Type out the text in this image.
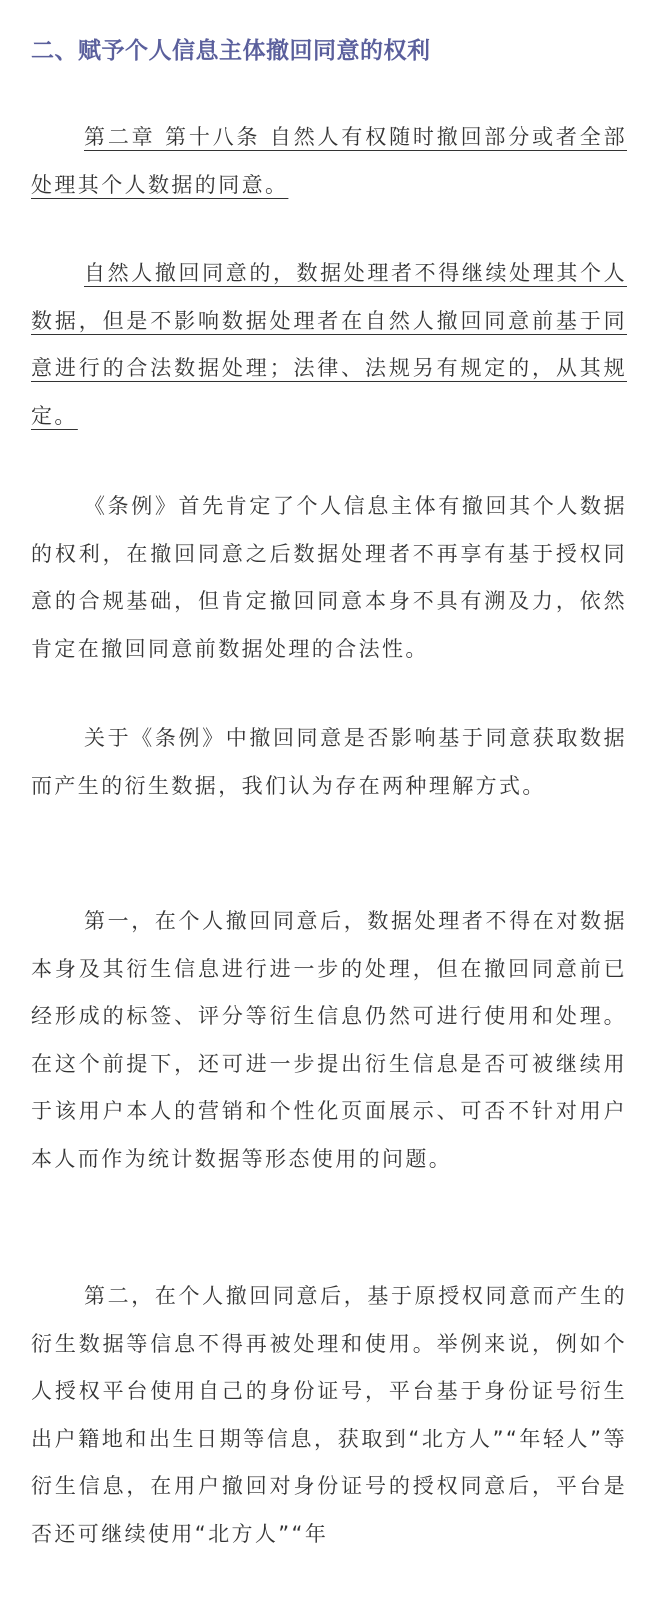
二、赋予个人信息主体撤回同意的权利

第二章 第十八条 自然人有权随时撤回部分或者全部处理其个人数据的同意。

自然人撤回同意的，数据处理者不得继续处理其个人数据，但是不影响数据处理者在自然人撤回同意前基于同意进行的合法数据处理；法律、法规另有规定的，从其规定。

《条例》首先肯定了个人信息主体有撤回其个人数据的权利，在撤回同意之后数据处理者不再享有基于授权同意的合规基础，但肯定撤回同意本身不具有溯及力，依然肯定在撤回同意前数据处理的合法性。

关于《条例》中撤回同意是否影响基于同意获取数据而产生的衍生数据，我们认为存在两种理解方式。

第一，在个人撤回同意后，数据处理者不得在对数据本身及其衍生信息进行进一步的处理，但在撤回同意前已经形成的标签、评分等衍生信息仍然可进行使用和处理。在这个前提下，还可进一步提出衍生信息是否可被继续用于该用户本人的营销和个性化页面展示、可否不针对用户本人而作为统计数据等形态使用的问题。

第二，在个人撤回同意后，基于原授权同意而产生的衍生数据等信息不得再被处理和使用。举例来说，例如个人授权平台使用自己的身份证号，平台基于身份证号衍生出户籍地和出生日期等信息，获取到“北方人”“年轻人”等衍生信息，在用户撤回对身份证号的授权同意后，平台是否还可继续使用“北方人”“年
